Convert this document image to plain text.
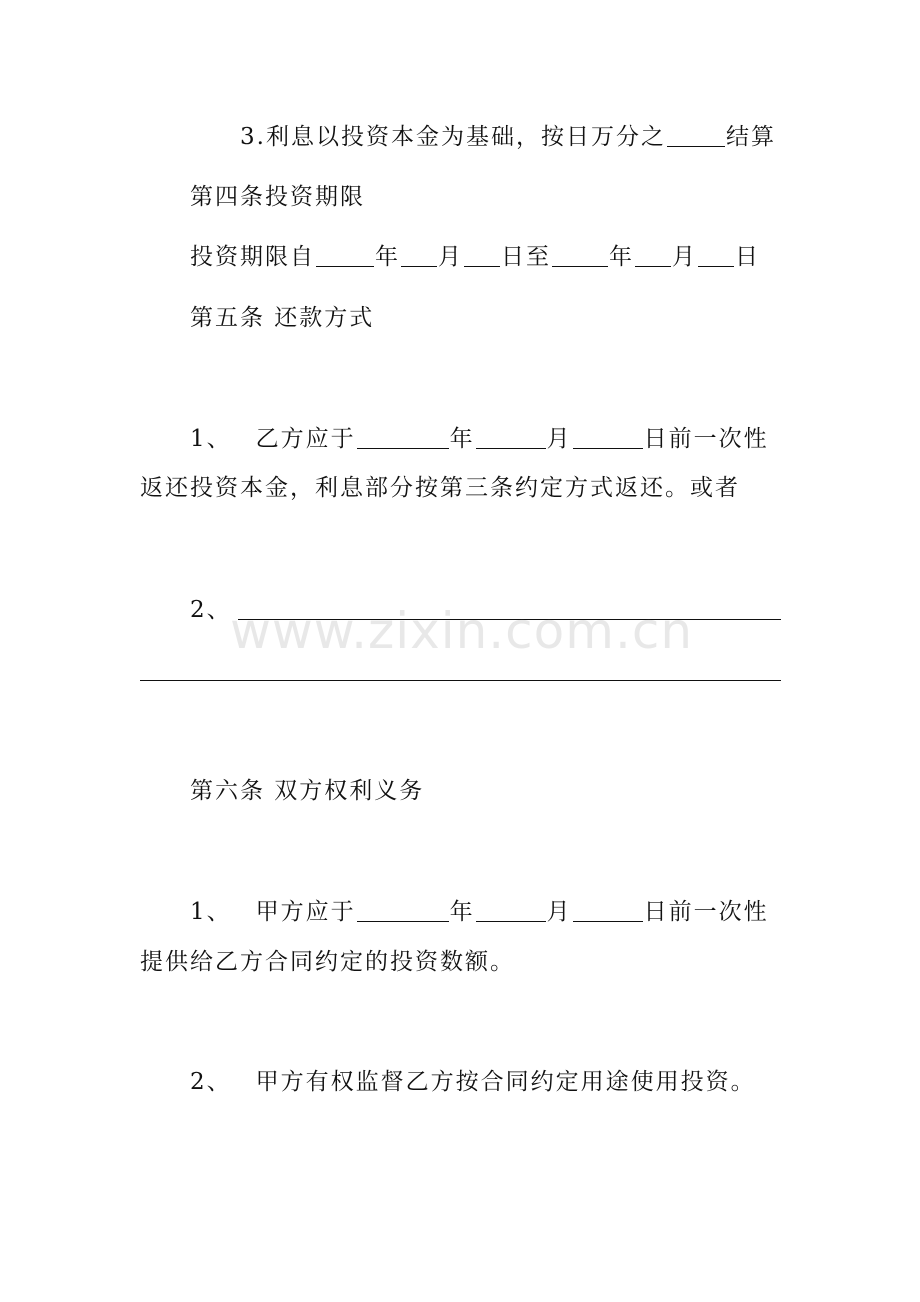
3.利息以投资本金为基础，按日万分之	结算
第四条投资期限
投资期限自	年 月 日至	年 月 日
第五条 还款方式
1、 乙方应于	年	月	日前一次性
返还投资本金，利息部分按第三条约定方式返还。或者
2、
www.zixin.com.cn
第六条 双方权利义务
1、 甲方应于	年	月	日前一次性
提供给乙方合同约定的投资数额。
2、 甲方有权监督乙方按合同约定用途使用投资。
